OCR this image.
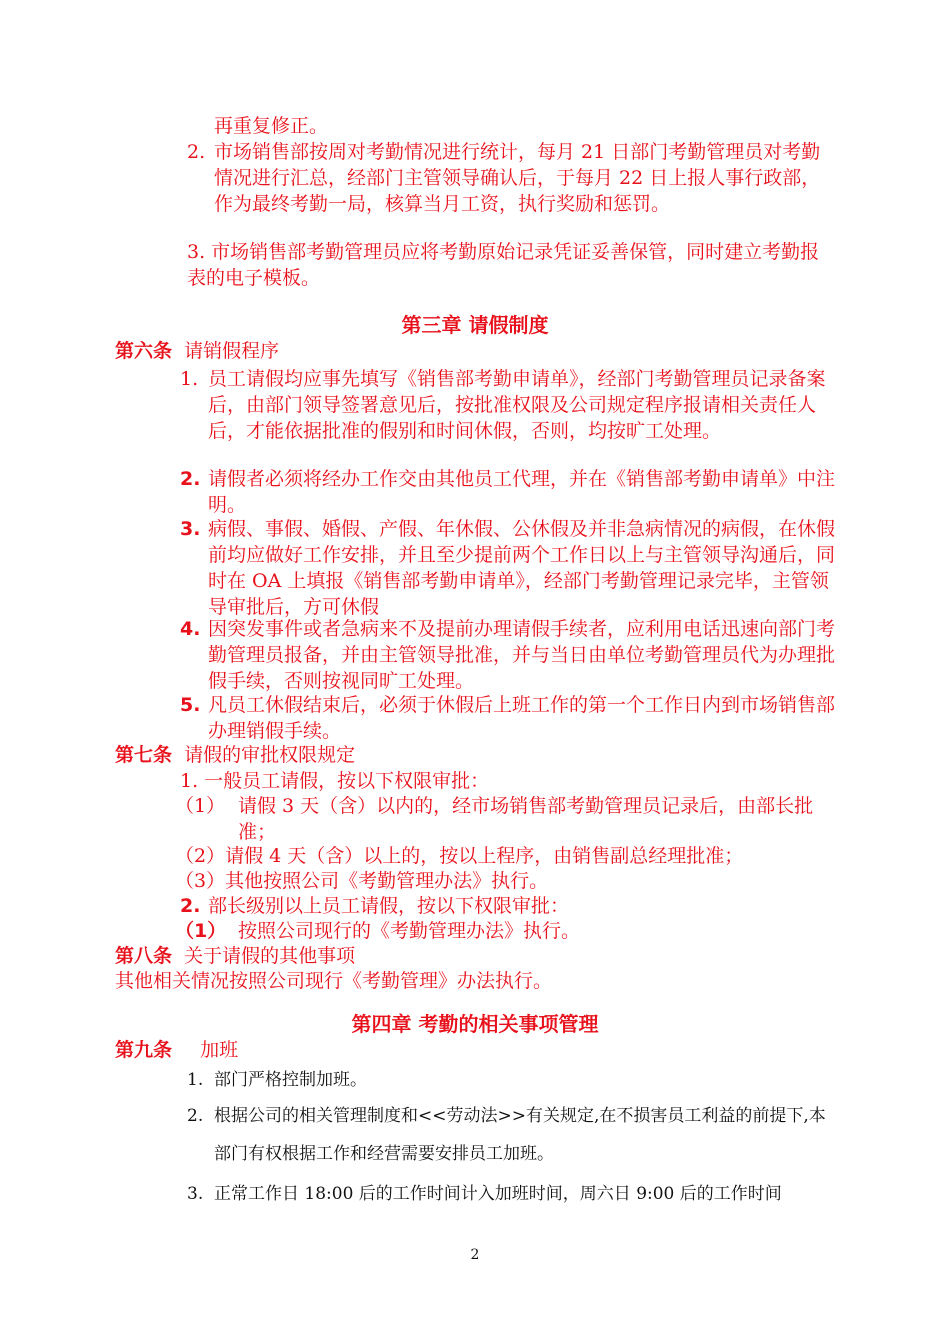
再重复修正。
2. 市场销售部按周对考勤情况进行统计，每月 21 日部门考勤管理员对考勤情况进行汇总，经部门主管领导确认后，于每月 22 日上报人事行政部，作为最终考勤一局，核算当月工资，执行奖励和惩罚。
3. 市场销售部考勤管理员应将考勤原始记录凭证妥善保管，同时建立考勤报表的电子模板。
第三章 请假制度
第六条 请销假程序
1. 员工请假均应事先填写《销售部考勤申请单》，经部门考勤管理员记录备案后，由部门领导签署意见后，按批准权限及公司规定程序报请相关责任人后，才能依据批准的假别和时间休假，否则，均按旷工处理。
2. 请假者必须将经办工作交由其他员工代理，并在《销售部考勤申请单》中注明。
3. 病假、事假、婚假、产假、年休假、公休假及并非急病情况的病假，在休假前均应做好工作安排，并且至少提前两个工作日以上与主管领导沟通后，同时在 OA 上填报《销售部考勤申请单》，经部门考勤管理记录完毕，主管领导审批后，方可休假
4. 因突发事件或者急病来不及提前办理请假手续者，应利用电话迅速向部门考勤管理员报备，并由主管领导批准，并与当日由单位考勤管理员代为办理批假手续，否则按视同旷工处理。
5. 凡员工休假结束后，必须于休假后上班工作的第一个工作日内到市场销售部办理销假手续。
第七条 请假的审批权限规定
1. 一般员工请假，按以下权限审批：
（1） 请假 3 天（含）以内的，经市场销售部考勤管理员记录后，由部长批准；
（2）请假 4 天（含）以上的，按以上程序，由销售副总经理批准；
（3）其他按照公司《考勤管理办法》执行。
2. 部长级别以上员工请假，按以下权限审批：
（1） 按照公司现行的《考勤管理办法》执行。
第八条 关于请假的其他事项
其他相关情况按照公司现行《考勤管理》办法执行。
第四章 考勤的相关事项管理
第九条 加班
1. 部门严格控制加班。
2. 根据公司的相关管理制度和<<劳动法>>有关规定,在不损害员工利益的前提下,本部门有权根据工作和经营需要安排员工加班。
3. 正常工作日 18:00 后的工作时间计入加班时间，周六日 9:00 后的工作时间
2
